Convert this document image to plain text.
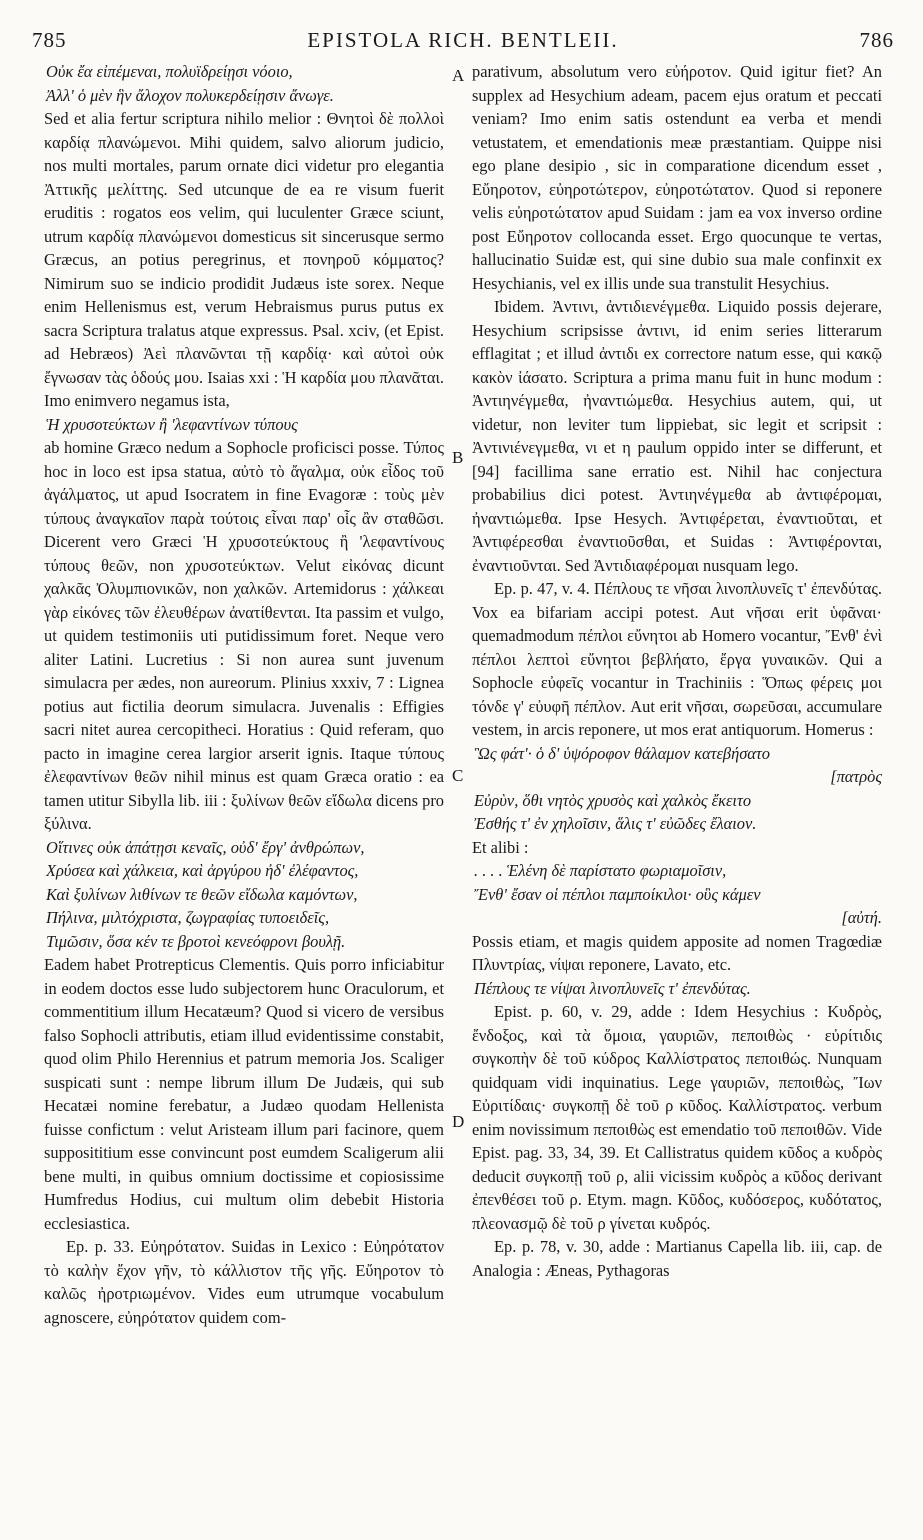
785	EPISTOLA RICH. BENTLEII.	786
A
B
C
D

Οὐκ ἔα εἰπέμεναι, πολυϊδρείῃσι νόοιο,

Ἀλλ' ὁ μὲν ἣν ἄλοχον πολυκερδείῃσιν ἄνωγε.

Sed et alia fertur scriptura nihilo melior : Θνητοὶ δὲ πολλοὶ καρδίᾳ πλανώμενοι. Mihi quidem, salvo aliorum judicio, nos multi mortales, parum ornate dici videtur pro elegantia Ἀττικῆς μελίττης. Sed utcunque de ea re visum fuerit eruditis : rogatos eos velim, qui luculenter Græce sciunt, utrum καρδίᾳ πλανώμενοι domesticus sit sincerusque sermo Græcus, an potius peregrinus, et πονηροῦ κόμματος? Nimirum suo se indicio prodidit Judæus iste sorex. Neque enim Hellenismus est, verum Hebraismus purus putus ex sacra Scriptura tralatus atque expressus. Psal. xciv, (et Epist. ad Hebræos) Ἀεὶ πλανῶνται τῇ καρδίᾳ· καὶ αὐτοὶ οὐκ ἔγνωσαν τὰς ὁδούς μου. Isaias xxi : Ἡ καρδία μου πλανᾶται. Imo enimvero negamus ista,

Ἡ χρυσοτεύκτων ἢ 'λεφαντίνων τύπους

ab homine Græco nedum a Sophocle proficisci posse. Τύπος hoc in loco est ipsa statua, αὐτὸ τὸ ἄγαλμα, οὐκ εἶδος τοῦ ἀγάλματος, ut apud Isocratem in fine Evagoræ : τοὺς μὲν τύπους ἀναγκαῖον παρὰ τούτοις εἶναι παρ' οἷς ἂν σταθῶσι. Dicerent vero Græci Ἡ χρυσοτεύκτους ἢ 'λεφαντίνους τύπους θεῶν, non χρυσοτεύκτων. Velut εἰκόνας dicunt χαλκᾶς Ὀλυμπιονικῶν, non χαλκῶν. Artemidorus : χάλκεαι γὰρ εἰκόνες τῶν ἐλευθέρων ἀνατίθενται. Ita passim et vulgo, ut quidem testimoniis uti putidissimum foret. Neque vero aliter Latini. Lucretius : Si non aurea sunt juvenum simulacra per ædes, non aureorum. Plinius xxxiv, 7 : Lignea potius aut fictilia deorum simulacra. Juvenalis : Effigies sacri nitet aurea cercopitheci. Horatius : Quid referam, quo pacto in imagine cerea largior arserit ignis. Itaque τύπους ἐλεφαντίνων θεῶν nihil minus est quam Græca oratio : ea tamen utitur Sibylla lib. iii : ξυλίνων θεῶν εἴδωλα dicens pro ξύλινα.

Οἵτινες οὐκ ἀπάτῃσι κεναῖς, οὐδ' ἔργ' ἀνθρώπων,

Χρύσεα καὶ χάλκεια, καὶ ἀργύρου ἠδ' ἐλέφαντος,

Καὶ ξυλίνων λιθίνων τε θεῶν εἴδωλα καμόντων,

Πήλινα, μιλτόχριστα, ζωγραφίας τυποειδεῖς,

Τιμῶσιν, ὅσα κέν τε βροτοὶ κενεόφρονι βουλῇ.

Eadem habet Protrepticus Clementis. Quis porro inficiabitur in eodem doctos esse ludo subjectorem hunc Oraculorum, et commentitium illum Hecatæum? Quod si vicero de versibus falso Sophocli attributis, etiam illud evidentissime constabit, quod olim Philo Herennius et patrum memoria Jos. Scaliger suspicati sunt : nempe librum illum De Judæis, qui sub Hecatæi nomine ferebatur, a Judæo quodam Hellenista fuisse confictum : velut Aristeam illum pari facinore, quem supposititium esse convincunt post eumdem Scaligerum alii bene multi, in quibus omnium doctissime et copiosissime Humfredus Hodius, cui multum olim debebit Historia ecclesiastica.

Ep. p. 33. Εὐηρότατον. Suidas in Lexico : Εὐηρότατον τὸ καλὴν ἔχον γῆν, τὸ κάλλιστον τῆς γῆς. Εὔηροτον τὸ καλῶς ἠροτριωμένον. Vides eum utrumque vocabulum agnoscere, εὐηρότατον quidem com-

parativum, absolutum vero εὐήροτον. Quid igitur fiet? An supplex ad Hesychium adeam, pacem ejus oratum et peccati veniam? Imo enim satis ostendunt ea verba et mendi vetustatem, et emendationis meæ præstantiam. Quippe nisi ego plane desipio , sic in comparatione dicendum esset , Εὔηροτον, εὐηροτώτερον, εὐηροτώτατον. Quod si reponere velis εὐηροτώτατον apud Suidam : jam ea vox inverso ordine post Εὔηροτον collocanda esset. Ergo quocunque te vertas, hallucinatio Suidæ est, qui sine dubio sua male confinxit ex Hesychianis, vel ex illis unde sua transtulit Hesychius.

Ibidem. Ἀντινι, ἀντιδιενέγμεθα. Liquido possis dejerare, Hesychium scripsisse ἀντινι, id enim series litterarum efflagitat ; et illud ἀντιδι ex correctore natum esse, qui κακῷ κακὸν ἰάσατο. Scriptura a prima manu fuit in hunc modum : Ἀντιηνέγμεθα, ἠναντιώμεθα. Hesychius autem, qui, ut videtur, non leviter tum lippiebat, sic legit et scripsit : Ἀντινιένεγμεθα, νι et η paulum oppido inter se differunt, et [94] facillima sane erratio est. Nihil hac conjectura probabilius dici potest. Ἀντιηνέγμεθα ab ἀντιφέρομαι, ἠναντιώμεθα. Ipse Hesych. Ἀντιφέρεται, ἐναντιοῦται, et Ἀντιφέρεσθαι ἐναντιοῦσθαι, et Suidas : Ἀντιφέρονται, ἐναντιοῦνται. Sed Ἀντιδιαφέρομαι nusquam lego.

Ep. p. 47, v. 4. Πέπλους τε νῆσαι λινοπλυνεῖς τ' ἐπενδύτας. Vox ea bifariam accipi potest. Aut νῆσαι erit ὑφᾶναι· quemadmodum πέπλοι εὔνητοι ab Homero vocantur, Ἔνθ' ἐνὶ πέπλοι λεπτοὶ εὔνητοι βεβλήατο, ἔργα γυναικῶν. Qui a Sophocle εὐφεῖς vocantur in Trachiniis : Ὅπως φέρεις μοι τόνδε γ' εὐυφῆ πέπλον. Aut erit νῆσαι, σωρεῦσαι, accumulare vestem, in arcis reponere, ut mos erat antiquorum. Homerus :

Ὣς φάτ'· ὁ δ' ὑψόροφον θάλαμον κατεβήσατο

[πατρὸς

Εὐρὺν, ὅθι νητὸς χρυσὸς καὶ χαλκὸς ἔκειτο

Ἐσθής τ' ἐν χηλοῖσιν, ἅλις τ' εὐῶδες ἔλαιον.

Et alibi :

. . . . Ἑλένη δὲ παρίστατο φωριαμοῖσιν,

Ἔνθ' ἔσαν οἱ πέπλοι παμποίκιλοι· οὓς κάμεν

[αὐτή.

Possis etiam, et magis quidem apposite ad nomen Tragœdiæ Πλυντρίας, νίψαι reponere, Lavato, etc.

Πέπλους τε νίψαι λινοπλυνεῖς τ' ἐπενδύτας.

Epist. p. 60, v. 29, adde : Idem Hesychius : Κυδρὸς, ἔνδοξος, καὶ τὰ ὅμοια, γαυριῶν, πεποιθὼς · εὐρίτιδις συγκοπὴν δὲ τοῦ κύδρος Καλλίστρατος πεποιθώς. Nunquam quidquam vidi inquinatius. Lege γαυριῶν, πεποιθὼς, Ἴων Εὐριτίδαις· συγκοπῇ δὲ τοῦ ρ κῦδος. Καλλίστρατος. verbum enim novissimum πεποιθὼς est emendatio τοῦ πεποιθῶν. Vide Epist. pag. 33, 34, 39. Et Callistratus quidem κῦδος a κυδρὸς deducit συγκοπῇ τοῦ ρ, alii vicissim κυδρὸς a κῦδος derivant ἐπενθέσει τοῦ ρ. Etym. magn. Κῦδος, κυδόσερος, κυδότατος, πλεονασμῷ δὲ τοῦ ρ γίνεται κυδρός.

Ep. p. 78, v. 30, adde : Martianus Capella lib. iii, cap. de Analogia : Æneas, Pythagoras
